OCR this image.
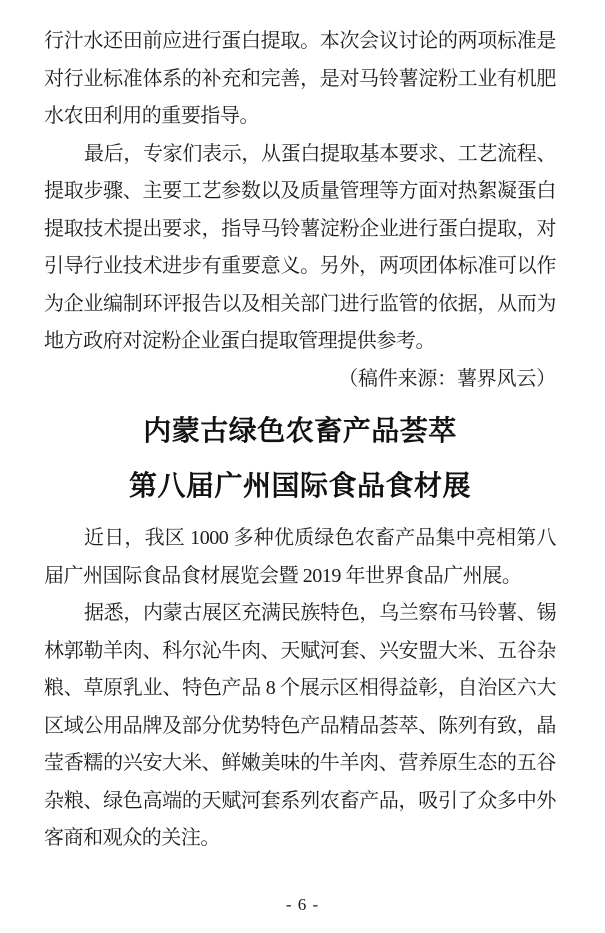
行汁水还田前应进行蛋白提取。本次会议讨论的两项标准是对行业标准体系的补充和完善，是对马铃薯淀粉工业有机肥水农田利用的重要指导。

最后，专家们表示，从蛋白提取基本要求、工艺流程、提取步骤、主要工艺参数以及质量管理等方面对热絮凝蛋白提取技术提出要求，指导马铃薯淀粉企业进行蛋白提取，对引导行业技术进步有重要意义。另外，两项团体标准可以作为企业编制环评报告以及相关部门进行监管的依据，从而为地方政府对淀粉企业蛋白提取管理提供参考。

（稿件来源：薯界风云）

内蒙古绿色农畜产品荟萃
第八届广州国际食品食材展

近日，我区 1000 多种优质绿色农畜产品集中亮相第八届广州国际食品食材展览会暨 2019 年世界食品广州展。

据悉，内蒙古展区充满民族特色，乌兰察布马铃薯、锡林郭勒羊肉、科尔沁牛肉、天赋河套、兴安盟大米、五谷杂粮、草原乳业、特色产品 8 个展示区相得益彰，自治区六大区域公用品牌及部分优势特色产品精品荟萃、陈列有致，晶莹香糯的兴安大米、鲜嫩美味的牛羊肉、营养原生态的五谷杂粮、绿色高端的天赋河套系列农畜产品，吸引了众多中外客商和观众的关注。

- 6 -
